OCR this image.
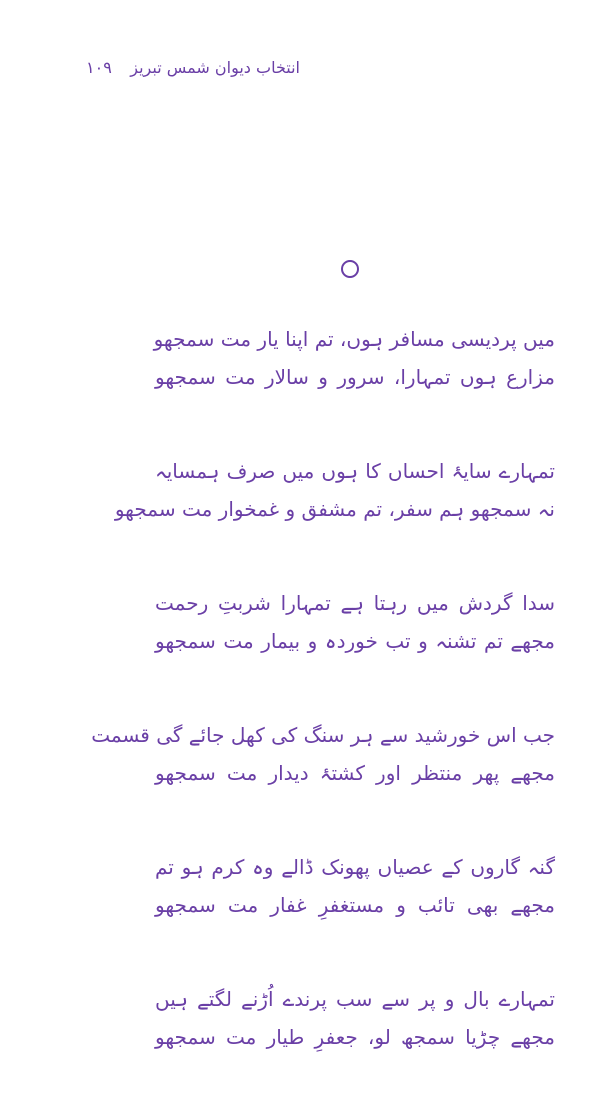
۱۰۹ انتخاب دیوان شمس تبریز
میں پردیسی مسافر ہوں، تم اپنا یار مت سمجھو
مزارع ہوں تمہارا، سرور و سالار مت سمجھو
تمہارے سایۂ احساں کا ہوں میں صرف ہمسایہ
نہ سمجھو ہم سفر، تم مشفق و غمخوار مت سمجھو
سدا گردش میں رہتا ہے تمہارا شربتِ رحمت
مجھے تم تشنہ و تب خوردہ و بیمار مت سمجھو
جب اس خورشید سے ہر سنگ کی کھل جائے گی قسمت
مجھے پھر منتظر اور کشتۂ دیدار مت سمجھو
گنہ گاروں کے عصیاں پھونک ڈالے وہ کرم ہو تم
مجھے بھی تائب و مستغفرِ غفار مت سمجھو
تمہارے بال و پر سے سب پرندے اُڑنے لگتے ہیں
مجھے چڑیا سمجھ لو، جعفرِ طیار مت سمجھو
